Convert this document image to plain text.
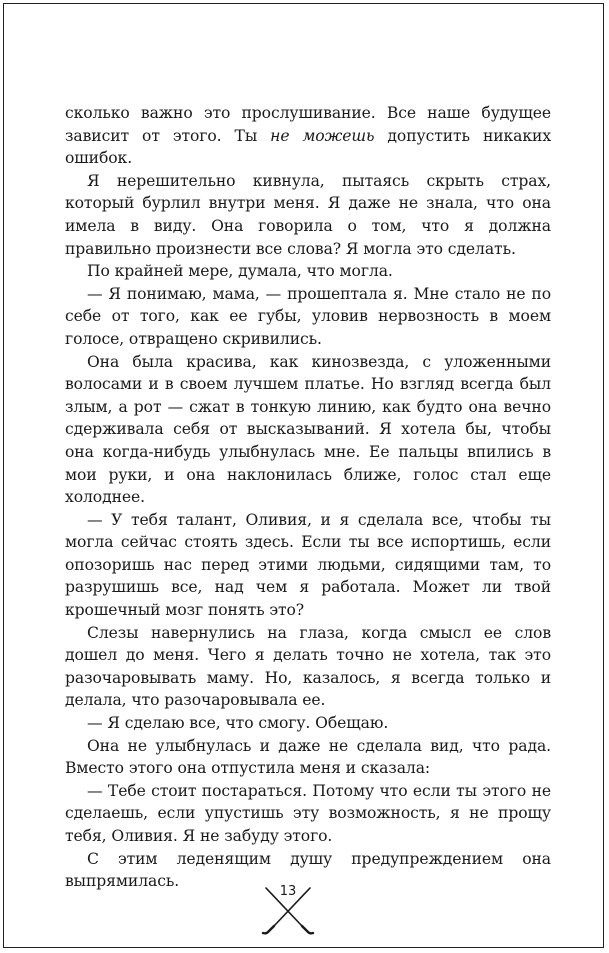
сколько важно это прослушивание. Все наше будущее зависит от этого. Ты не можешь допустить никаких ошибок.

Я нерешительно кивнула, пытаясь скрыть страх, который бурлил внутри меня. Я даже не знала, что она имела в виду. Она говорила о том, что я должна правильно произнести все слова? Я могла это сделать.

По крайней мере, думала, что могла.

— Я понимаю, мама, — прошептала я. Мне стало не по себе от того, как ее губы, уловив нервозность в моем голосе, отвращено скривились.

Она была красива, как кинозвезда, с уложенными волосами и в своем лучшем платье. Но взгляд всегда был злым, а рот — сжат в тонкую линию, как будто она вечно сдерживала себя от высказываний. Я хотела бы, чтобы она когда-нибудь улыбнулась мне. Ее пальцы впились в мои руки, и она наклонилась ближе, голос стал еще холоднее.

— У тебя талант, Оливия, и я сделала все, чтобы ты могла сейчас стоять здесь. Если ты все испортишь, если опозоришь нас перед этими людьми, сидящими там, то разрушишь все, над чем я работала. Может ли твой крошечный мозг понять это?

Слезы навернулись на глаза, когда смысл ее слов дошел до меня. Чего я делать точно не хотела, так это разочаровывать маму. Но, казалось, я всегда только и делала, что разочаровывала ее.

— Я сделаю все, что смогу. Обещаю.

Она не улыбнулась и даже не сделала вид, что рада. Вместо этого она отпустила меня и сказала:

— Тебе стоит постараться. Потому что если ты этого не сделаешь, если упустишь эту возможность, я не прощу тебя, Оливия. Я не забуду этого.

С этим леденящим душу предупреждением она выпрямилась.

13
